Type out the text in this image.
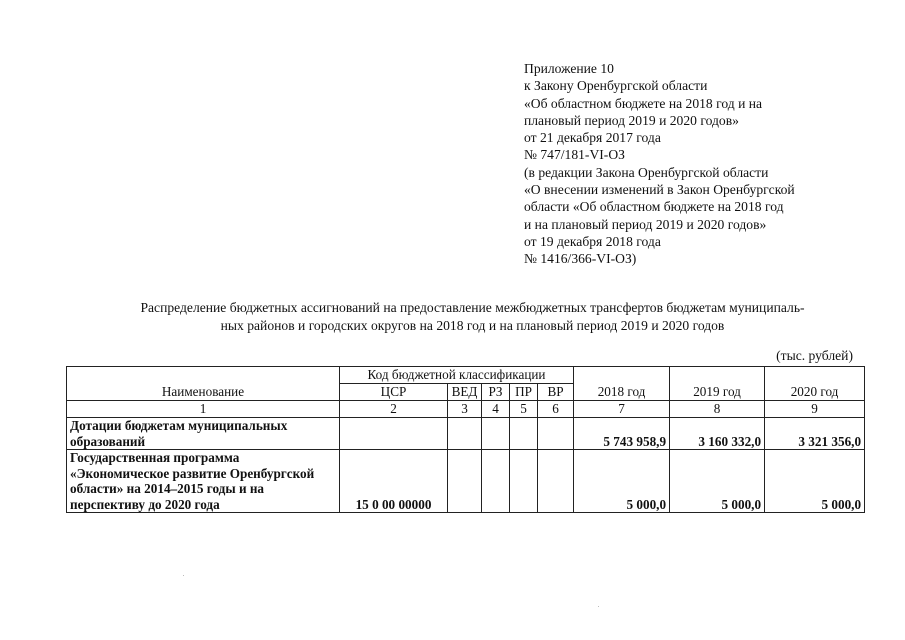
Приложение 10
к Закону Оренбургской области
«Об областном бюджете на 2018 год и на
плановый период 2019 и 2020 годов»
от 21 декабря 2017 года
№ 747/181-VI-ОЗ
(в редакции Закона Оренбургской области
«О внесении изменений в Закон Оренбургской
области «Об областном бюджете на 2018 год
и на плановый период 2019 и 2020 годов»
от 19 декабря 2018 года
№ 1416/366-VI-ОЗ)
Распределение бюджетных ассигнований на предоставление межбюджетных трансфертов бюджетам муниципаль-
ных районов и городских округов на 2018 год и на плановый период 2019 и 2020 годов
(тыс. рублей)
Наименование	Код бюджетной классификации					2018 год	2019 год	2020 год
	ЦСР	ВЕД	РЗ	ПР	ВР			
1	2	3	4	5	6	7	8	9
Дотации бюджетам муниципальных образований						5 743 958,9	3 160 332,0	3 321 356,0
Государственная программа «Экономическое развитие Оренбургской области» на 2014–2015 годы и на перспективу до 2020 года	15 0 00 00000					5 000,0	5 000,0	5 000,0
